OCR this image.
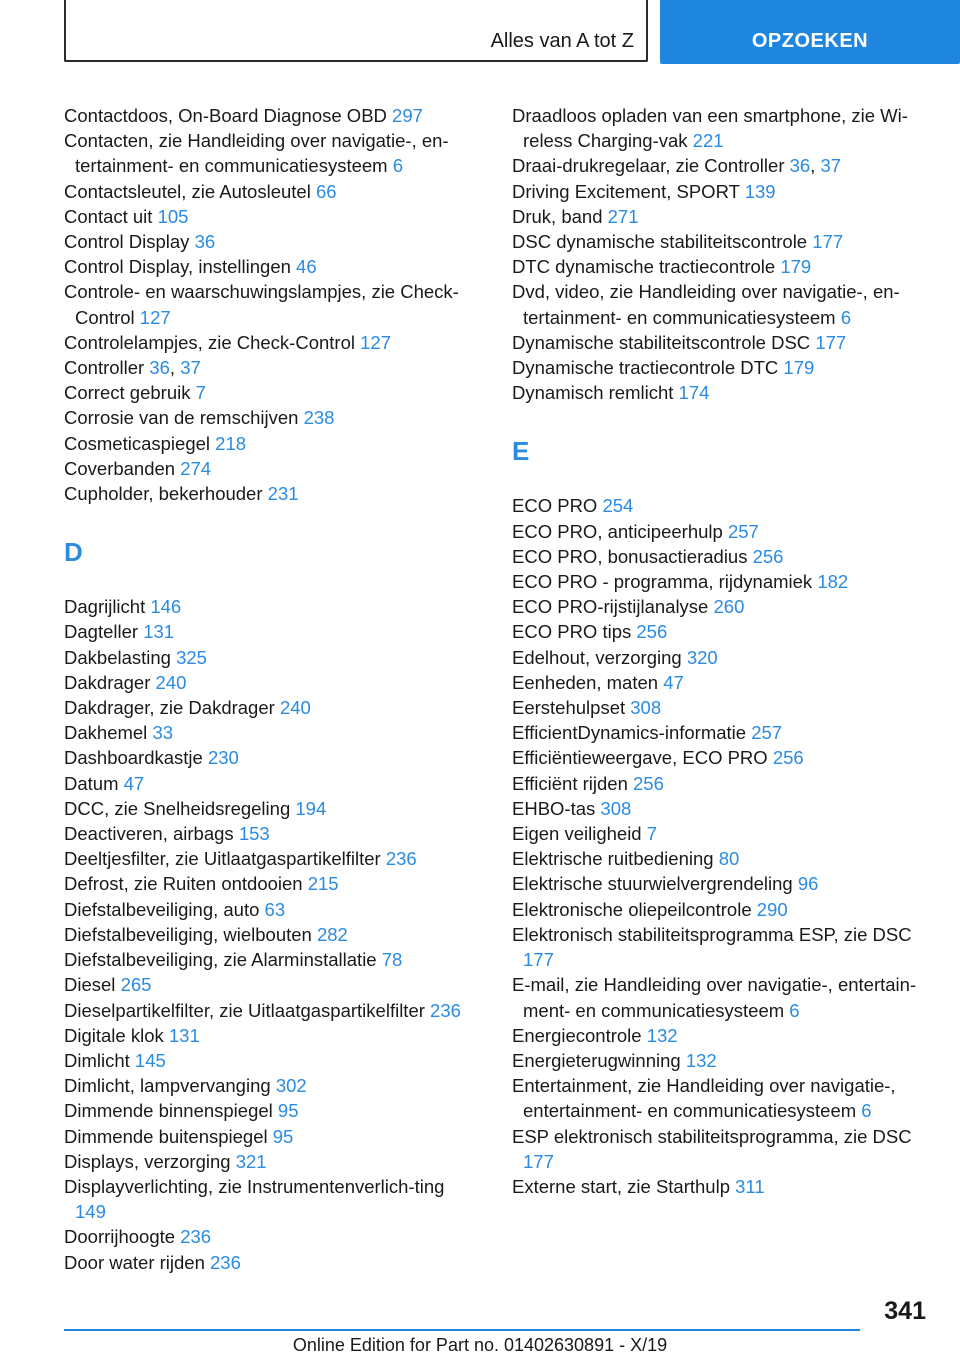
Alles van A tot Z	OPZOEKEN

Contactdoos, On-Board Diagnose OBD 297

Contacten, zie Handleiding over navigatie-, en‐tertainment- en communicatiesysteem 6

Contactsleutel, zie Autosleutel 66

Contact uit 105

Control Display 36

Control Display, instellingen 46

Controle- en waarschuwingslampjes, zie Check-Control 127

Controlelampjes, zie Check-Control 127

Controller 36, 37

Correct gebruik 7

Corrosie van de remschijven 238

Cosmeticaspiegel 218

Coverbanden 274

Cupholder, bekerhouder 231

D

Dagrijlicht 146

Dagteller 131

Dakbelasting 325

Dakdrager 240

Dakdrager, zie Dakdrager 240

Dakhemel 33

Dashboardkastje 230

Datum 47

DCC, zie Snelheidsregeling 194

Deactiveren, airbags 153

Deeltjesfilter, zie Uitlaatgaspartikelfilter 236

Defrost, zie Ruiten ontdooien 215

Diefstalbeveiliging, auto 63

Diefstalbeveiliging, wielbouten 282

Diefstalbeveiliging, zie Alarminstallatie 78

Diesel 265

Dieselpartikelfilter, zie Uitlaatgaspartikelfilter 236

Digitale klok 131

Dimlicht 145

Dimlicht, lampvervanging 302

Dimmende binnenspiegel 95

Dimmende buitenspiegel 95

Displays, verzorging 321

Displayverlichting, zie Instrumentenverlich‐ting 149

Doorrijhoogte 236

Door water rijden 236

Draadloos opladen van een smartphone, zie Wi‐reless Charging-vak 221

Draai-drukregelaar, zie Controller 36, 37

Driving Excitement, SPORT 139

Druk, band 271

DSC dynamische stabiliteitscontrole 177

DTC dynamische tractiecontrole 179

Dvd, video, zie Handleiding over navigatie-, en‐tertainment- en communicatiesysteem 6

Dynamische stabiliteitscontrole DSC 177

Dynamische tractiecontrole DTC 179

Dynamisch remlicht 174

E

ECO PRO 254

ECO PRO, anticipeerhulp 257

ECO PRO, bonusactieradius 256

ECO PRO - programma, rijdynamiek 182

ECO PRO-rijstijlanalyse 260

ECO PRO tips 256

Edelhout, verzorging 320

Eenheden, maten 47

Eerstehulpset 308

EfficientDynamics-informatie 257

Efficiëntieweergave, ECO PRO 256

Efficiënt rijden 256

EHBO-tas 308

Eigen veiligheid 7

Elektrische ruitbediening 80

Elektrische stuurwielvergrendeling 96

Elektronische oliepeilcontrole 290

Elektronisch stabiliteitsprogramma ESP, zie DSC 177

E-mail, zie Handleiding over navigatie-, entertain‐ment- en communicatiesysteem 6

Energiecontrole 132

Energieterugwinning 132

Entertainment, zie Handleiding over navigatie-, entertainment- en communicatiesysteem 6

ESP elektronisch stabiliteitsprogramma, zie DSC 177

Externe start, zie Starthulp 311

341
Online Edition for Part no. 01402630891 - X/19
